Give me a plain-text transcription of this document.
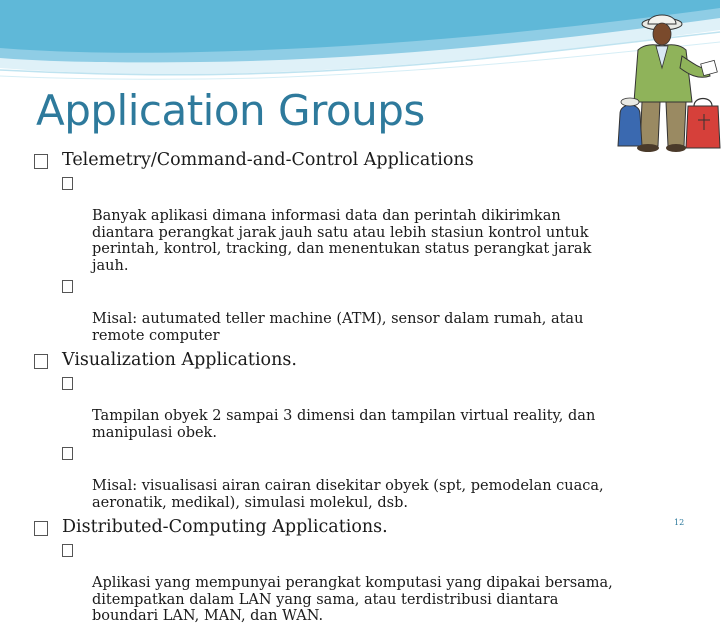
Application Groups

Telemetry/Command-and-Control Applications

Banyak aplikasi dimana informasi data dan perintah dikirimkan
diantara perangkat jarak jauh satu atau lebih stasiun kontrol untuk
perintah, kontrol, tracking, dan menentukan status perangkat jarak
jauh.

Misal: autumated teller machine (ATM), sensor dalam rumah, atau
remote computer

Visualization Applications.

Tampilan obyek 2 sampai 3 dimensi dan tampilan virtual reality, dan
manipulasi obek.

Misal: visualisasi airan cairan disekitar obyek (spt, pemodelan cuaca,
aeronatik, medikal), simulasi molekul, dsb.

Distributed-Computing Applications.

Aplikasi yang mempunyai perangkat komputasi yang dipakai bersama,
ditempatkan dalam LAN yang sama, atau terdistribusi diantara
boundari LAN, MAN, dan WAN.

12
